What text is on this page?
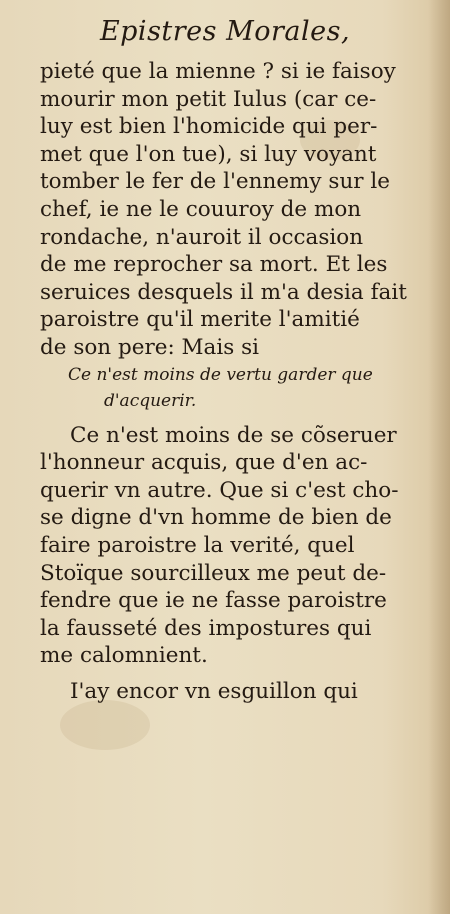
Epistres Morales,
pieté que la mienne ? si ie faisoy
mourir mon petit Iulus (car ce-
luy est bien l'homicide qui per-
met que l'on tue), si luy voyant
tomber le fer de l'ennemy sur le
chef, ie ne le couuroy de mon
rondache, n'auroit il occasion
de me reprocher sa mort. Et les
seruices desquels il m'a desia fait
paroistre qu'il merite l'amitié
de son pere: Mais si
Ce n'est moins de vertu garder que
d'acquerir.
Ce n'est moins de se cõseruer
l'honneur acquis, que d'en ac-
querir vn autre. Que si c'est cho-
se digne d'vn homme de bien de
faire paroistre la verité, quel
Stoïque sourcilleux me peut de-
fendre que ie ne fasse paroistre
la fausseté des impostures qui
me calomnient.
I'ay encor vn esguillon qui
